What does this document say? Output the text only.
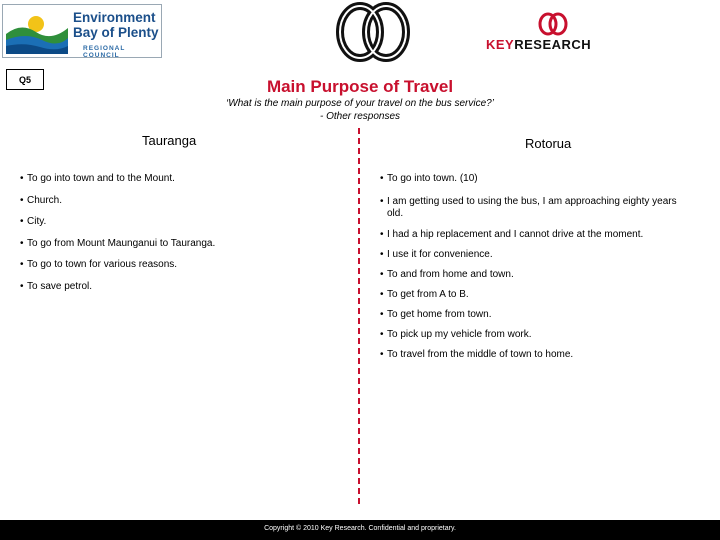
Environment
Bay of Plenty
REGIONAL COUNCIL
KEYRESEARCH
Q5	Main Purpose of Travel
‘What is the main purpose of your travel on the bus service?’
- Other responses
Tauranga	Rotorua
• To go into town and to the Mount.
• Church.
• City.
• To go from Mount Maunganui to Tauranga.
• To go to town for various reasons.
• To save petrol.
• To go into town. (10)
• I am getting used to using the bus, I am approaching eighty years old.
• I had a hip replacement and I cannot drive at the moment.
• I use it for convenience.
• To and from home and town.
• To get from A to B.
• To get home from town.
• To pick up my vehicle from work.
• To travel from the middle of town to home.
Copyright © 2010 Key Research. Confidential and proprietary.
